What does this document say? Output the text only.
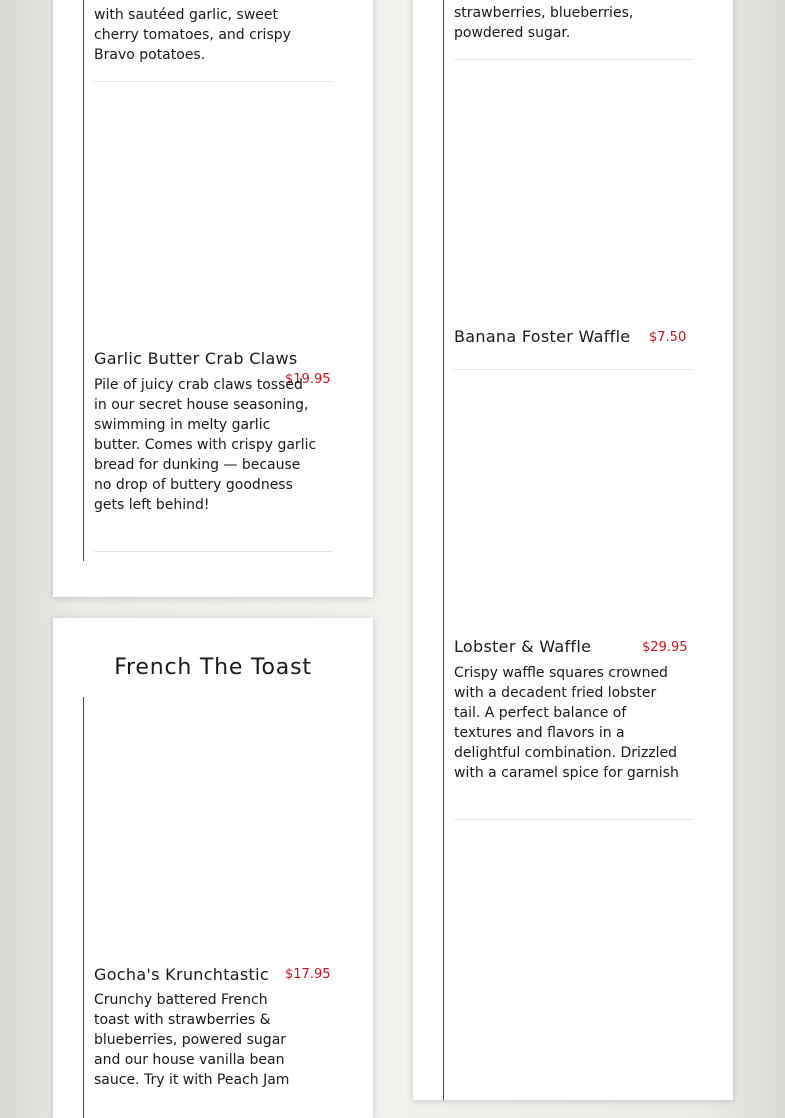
with sautéed garlic, sweet cherry tomatoes, and crispy Bravo potatoes.

Garlic Butter Crab Claws
$19.95

Pile of juicy crab claws tossed in our secret house seasoning, swimming in melty garlic butter. Comes with crispy garlic bread for dunking — because no drop of buttery goodness gets left behind!

French The Toast
Gocha's Krunchtastic $17.95

Crunchy battered French toast with strawberries & blueberries, powered sugar and our house vanilla bean sauce. Try it with Peach Jam

strawberries, blueberries, powdered sugar.

Banana Foster Waffle $7.50
Lobster & Waffle	$29.95

Crispy waffle squares crowned with a decadent fried lobster tail. A perfect balance of textures and flavors in a delightful combination. Drizzled with a caramel spice for garnish
